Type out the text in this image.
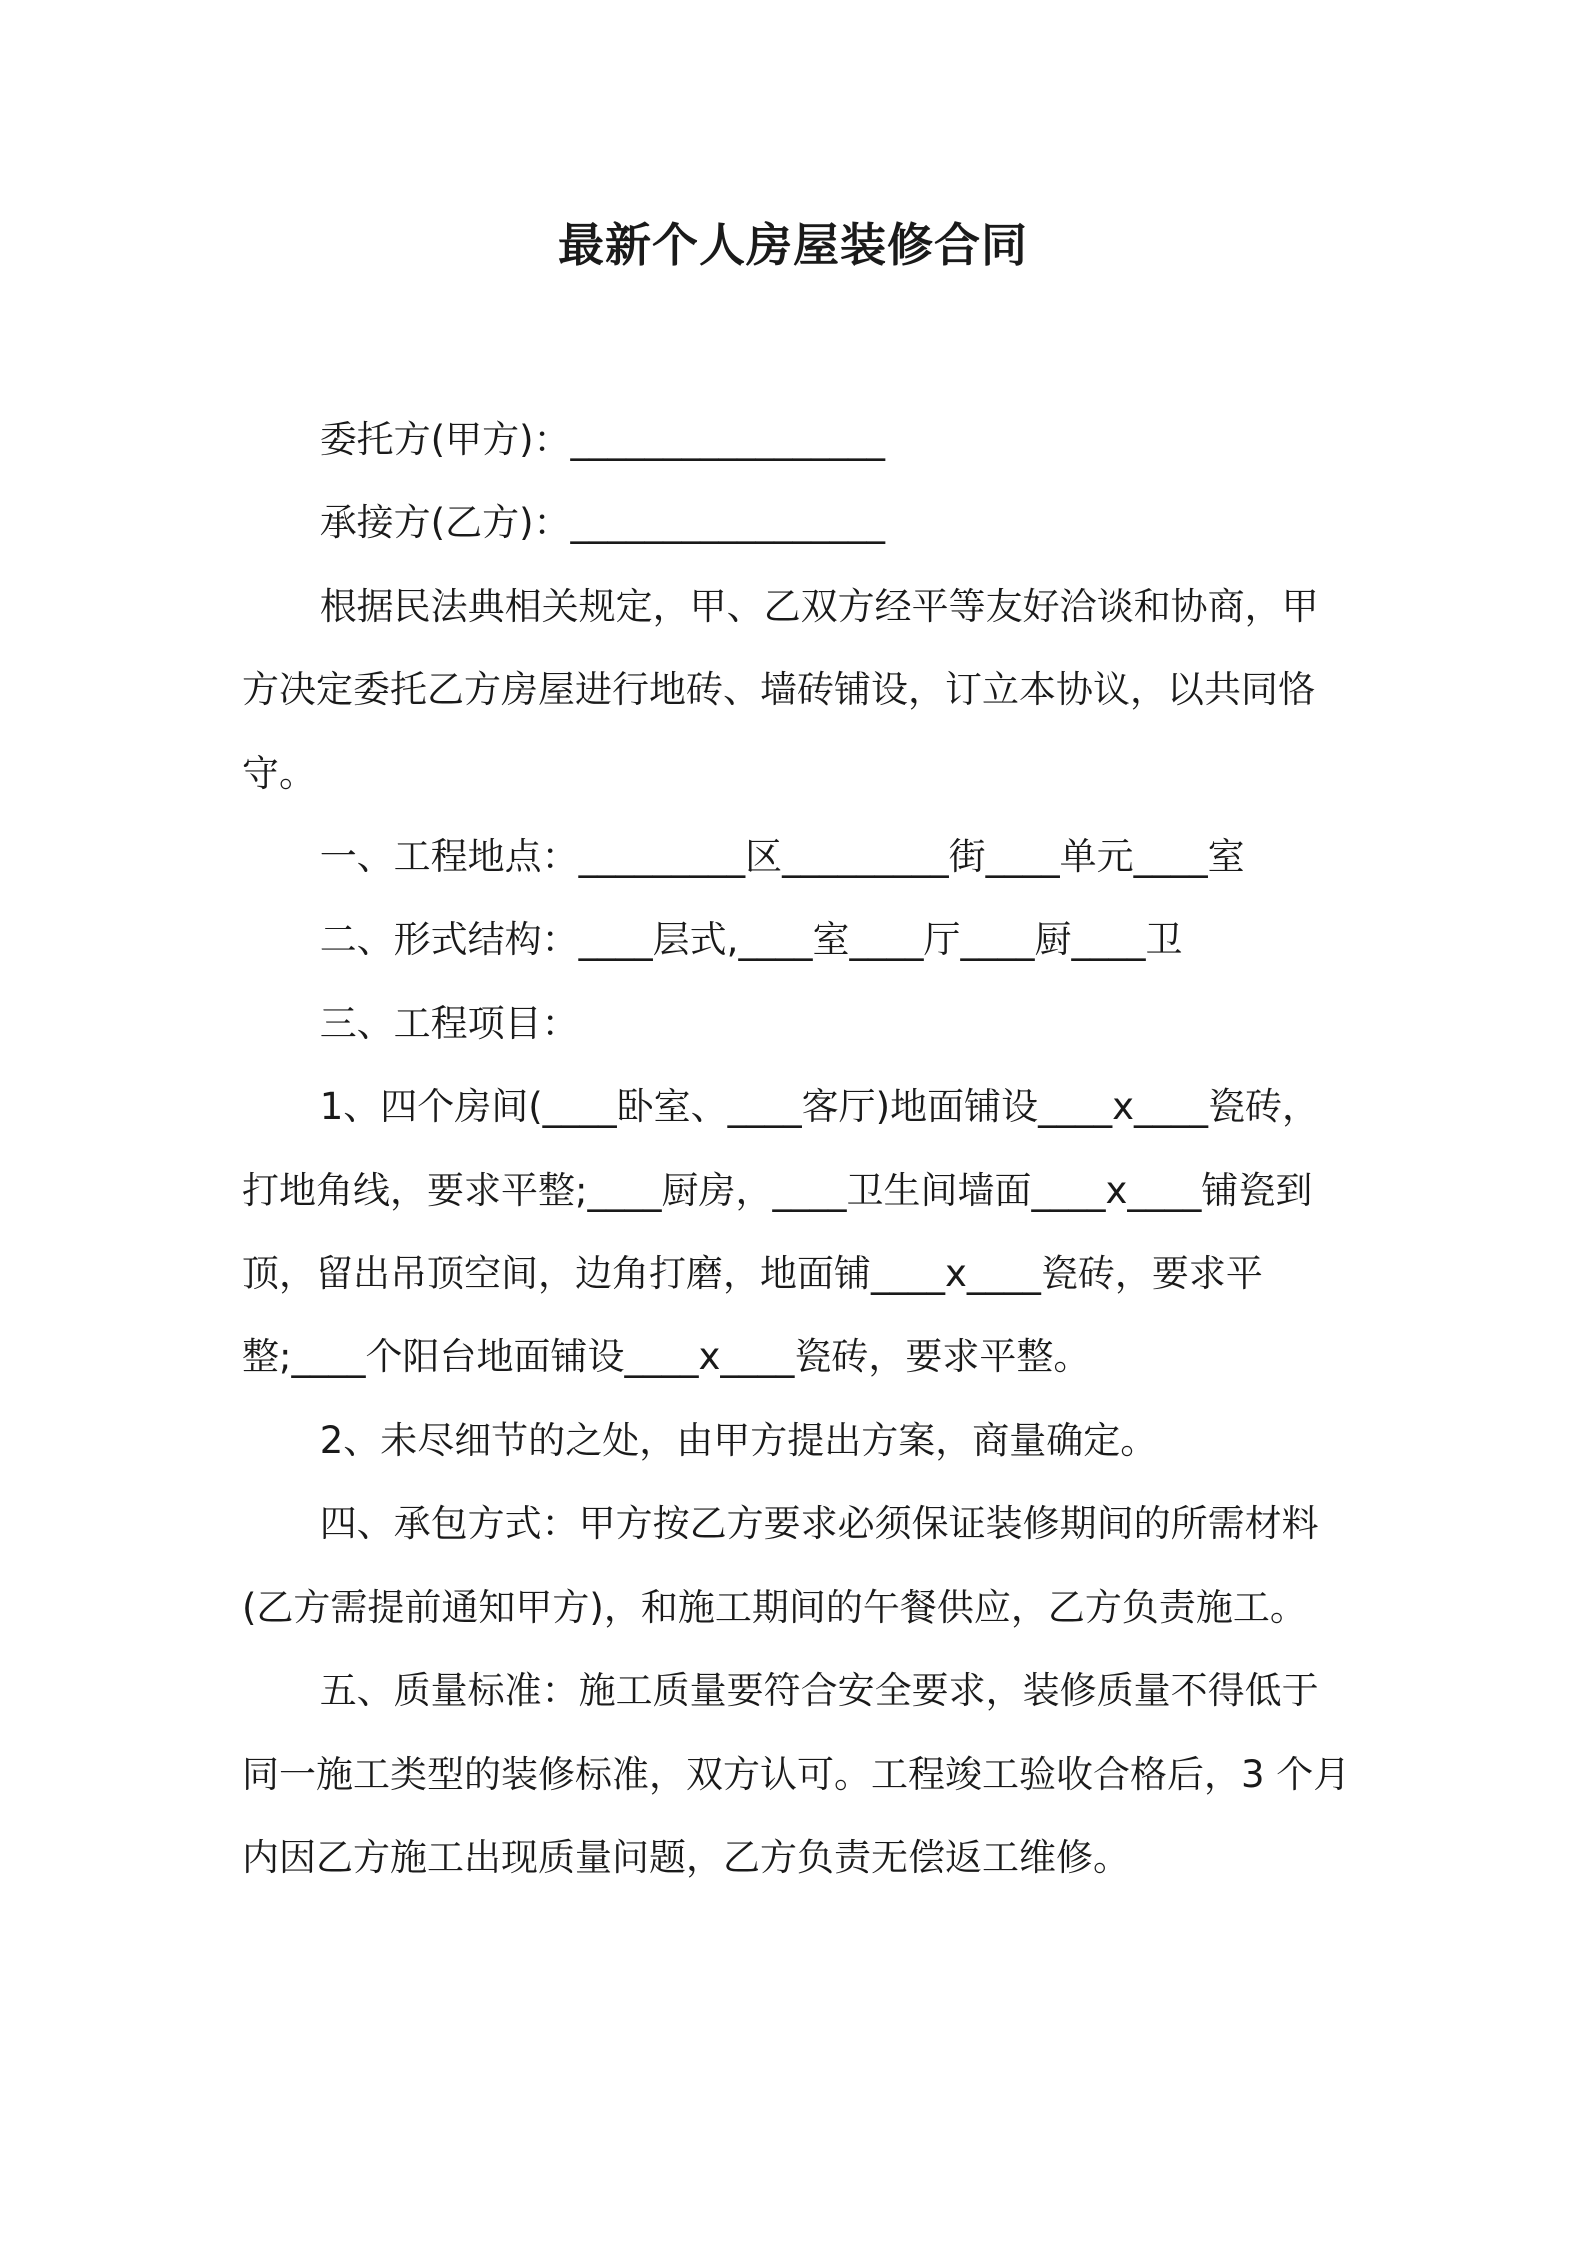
最新个人房屋装修合同

委托方(甲方)：_________________

承接方(乙方)：_________________

根据民法典相关规定，甲、乙双方经平等友好洽谈和协商，甲方决定委托乙方房屋进行地砖、墙砖铺设，订立本协议，以共同恪守。

一、工程地点：_________区_________街____单元____室

二、形式结构：____层式,____室____厅____厨____卫

三、工程项目：

1、四个房间(____卧室、____客厅)地面铺设____x____瓷砖，打地角线，要求平整;____厨房，____卫生间墙面____x____铺瓷到顶，留出吊顶空间，边角打磨，地面铺____x____瓷砖，要求平整;____个阳台地面铺设____x____瓷砖，要求平整。

2、未尽细节的之处，由甲方提出方案，商量确定。

四、承包方式：甲方按乙方要求必须保证装修期间的所需材料(乙方需提前通知甲方)，和施工期间的午餐供应，乙方负责施工。

五、质量标准：施工质量要符合安全要求，装修质量不得低于同一施工类型的装修标准，双方认可。工程竣工验收合格后，3 个月内因乙方施工出现质量问题，乙方负责无偿返工维修。
